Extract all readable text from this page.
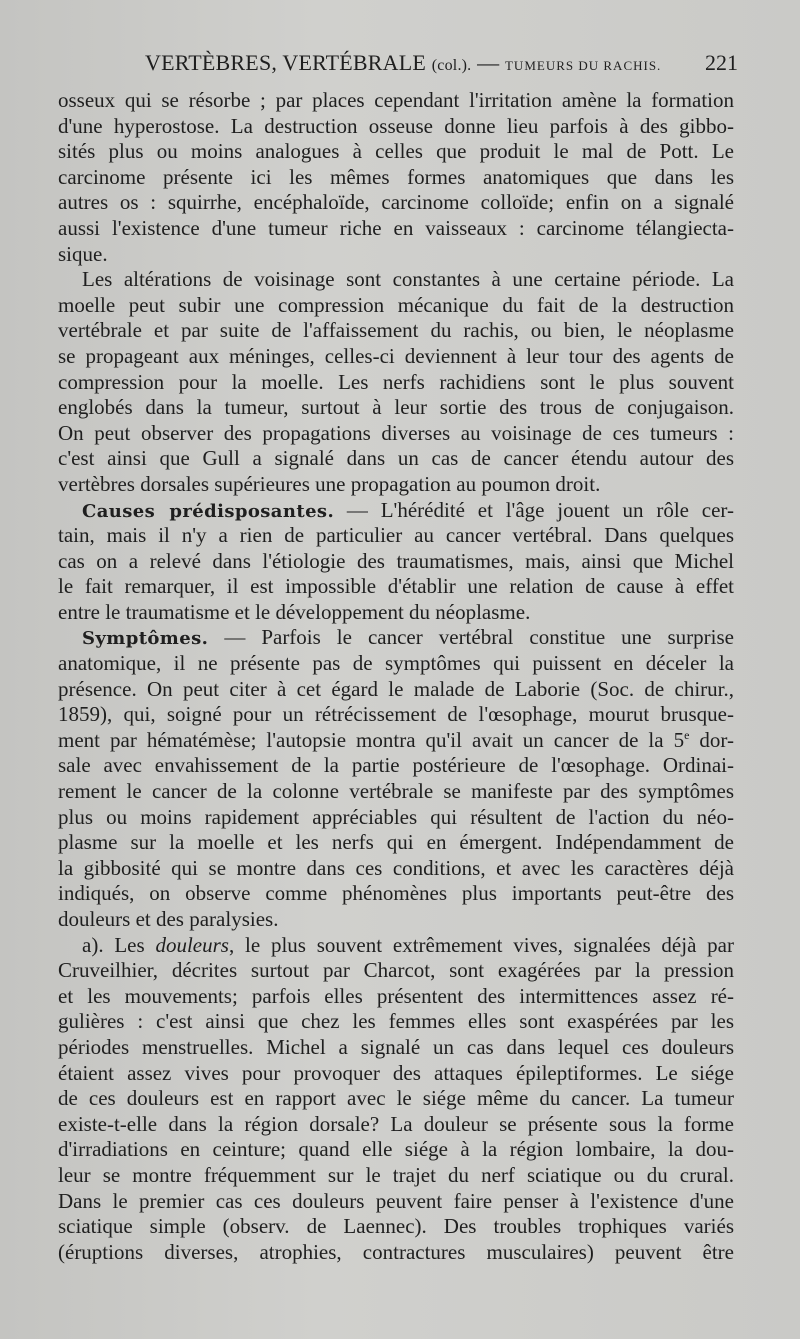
VERTÈBRES, VERTÉBRALE (col.). — TUMEURS DU RACHIS. 221
osseux qui se résorbe ; par places cependant l'irritation amène la formation
d'une hyperostose. La destruction osseuse donne lieu parfois à des gibbo-
sités plus ou moins analogues à celles que produit le mal de Pott. Le
carcinome présente ici les mêmes formes anatomiques que dans les
autres os : squirrhe, encéphaloïde, carcinome colloïde; enfin on a signalé
aussi l'existence d'une tumeur riche en vaisseaux : carcinome télangiecta-
sique.
Les altérations de voisinage sont constantes à une certaine période. La
moelle peut subir une compression mécanique du fait de la destruction
vertébrale et par suite de l'affaissement du rachis, ou bien, le néoplasme
se propageant aux méninges, celles-ci deviennent à leur tour des agents de
compression pour la moelle. Les nerfs rachidiens sont le plus souvent
englobés dans la tumeur, surtout à leur sortie des trous de conjugaison.
On peut observer des propagations diverses au voisinage de ces tumeurs :
c'est ainsi que Gull a signalé dans un cas de cancer étendu autour des
vertèbres dorsales supérieures une propagation au poumon droit.
Causes prédisposantes. — L'hérédité et l'âge jouent un rôle cer-
tain, mais il n'y a rien de particulier au cancer vertébral. Dans quelques
cas on a relevé dans l'étiologie des traumatismes, mais, ainsi que Michel
le fait remarquer, il est impossible d'établir une relation de cause à effet
entre le traumatisme et le développement du néoplasme.
Symptômes. — Parfois le cancer vertébral constitue une surprise
anatomique, il ne présente pas de symptômes qui puissent en déceler la
présence. On peut citer à cet égard le malade de Laborie (Soc. de chirur.,
1859), qui, soigné pour un rétrécissement de l'œsophage, mourut brusque-
ment par hématémèse; l'autopsie montra qu'il avait un cancer de la 5e dor-
sale avec envahissement de la partie postérieure de l'œsophage. Ordinai-
rement le cancer de la colonne vertébrale se manifeste par des symptômes
plus ou moins rapidement appréciables qui résultent de l'action du néo-
plasme sur la moelle et les nerfs qui en émergent. Indépendamment de
la gibbosité qui se montre dans ces conditions, et avec les caractères déjà
indiqués, on observe comme phénomènes plus importants peut-être des
douleurs et des paralysies.
a). Les douleurs, le plus souvent extrêmement vives, signalées déjà par
Cruveilhier, décrites surtout par Charcot, sont exagérées par la pression
et les mouvements; parfois elles présentent des intermittences assez ré-
gulières : c'est ainsi que chez les femmes elles sont exaspérées par les
périodes menstruelles. Michel a signalé un cas dans lequel ces douleurs
étaient assez vives pour provoquer des attaques épileptiformes. Le siége
de ces douleurs est en rapport avec le siége même du cancer. La tumeur
existe-t-elle dans la région dorsale? La douleur se présente sous la forme
d'irradiations en ceinture; quand elle siége à la région lombaire, la dou-
leur se montre fréquemment sur le trajet du nerf sciatique ou du crural.
Dans le premier cas ces douleurs peuvent faire penser à l'existence d'une
sciatique simple (observ. de Laennec). Des troubles trophiques variés
(éruptions diverses, atrophies, contractures musculaires) peuvent être
